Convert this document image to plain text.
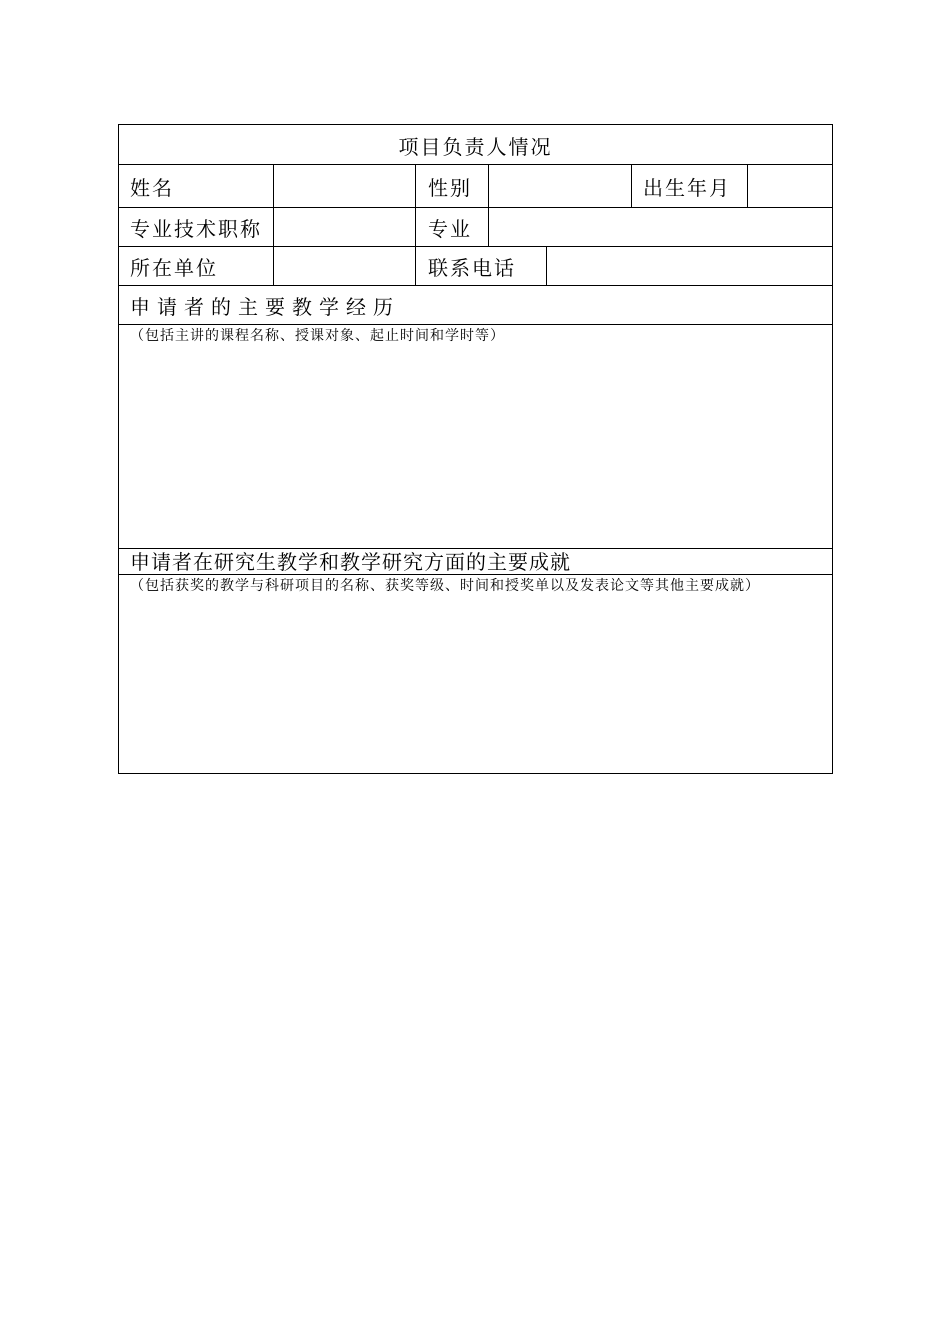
项目负责人情况
姓名	性别	出生年月
专业技术职称	专业
所在单位	联系电话
申请者的主要教学经历
（包括主讲的课程名称、授课对象、起止时间和学时等）
申请者在研究生教学和教学研究方面的主要成就
（包括获奖的教学与科研项目的名称、获奖等级、时间和授奖单以及发表论文等其他主要成就）
